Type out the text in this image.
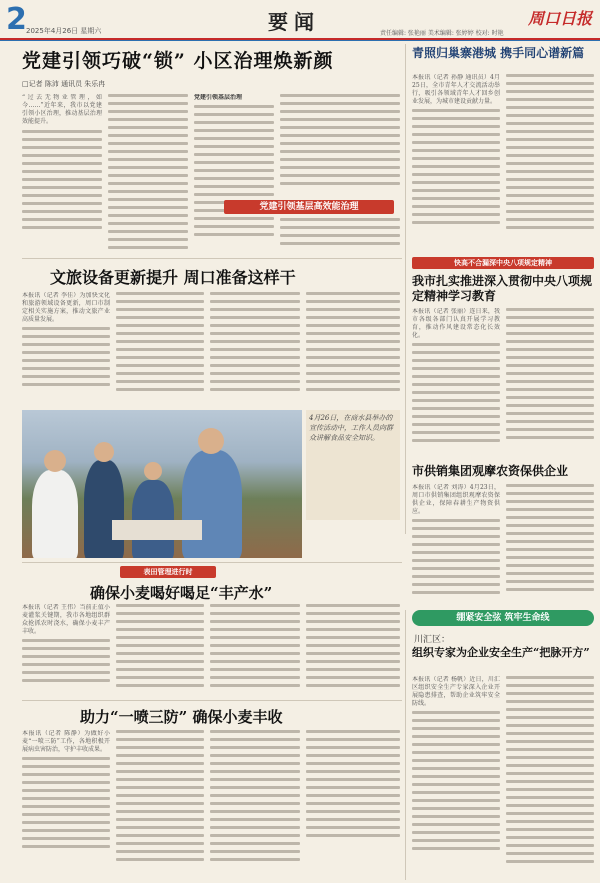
2	要闻
2025年4月26日 星期六	责任编辑: 张艳丽 美术编辑: 张婷婷 校对: 时艳
周口日报
党建引领巧破“锁” 小区治理焕新颜
□记者 陈沛 通讯员 朱乐冉
“过去无物业管理，如今……”近年来，我市以党建引领小区治理，推动基层治理效能提升。
党建引领基层治理
党建引领基层高效能治理
青照归巢寨港城 携手同心谱新篇
本报讯（记者 孙静 通讯员）4月25日，全市青年人才交流活动举行，吸引各领域青年人才回乡创业发展，为城市建设贡献力量。
快高不合漏深中央八项规定精神
我市扎实推进深入贯彻中央八项规定精神学习教育
本报讯（记者 张丽）连日来，我市各级各部门认真开展学习教育，推动作风建设常态化长效化。
文旅设备更新提升 周口准备这样干
本报讯（记者 李佳）为加快文化和旅游领域设备更新，周口市制定相关实施方案，推动文旅产业高质量发展。
4月26日，在商水县举办的宣传活动中，工作人员向群众讲解食品安全知识。
市供销集团观摩农资保供企业
本报讯（记者 刘涛）4月23日，周口市供销集团组织观摩农资保供企业，保障春耕生产物资供应。
表田管理进行时
确保小麦喝好喝足“丰产水”
本报讯（记者 王伟）当前正值小麦灌浆关键期，我市各地组织群众抢抓农时浇水，确保小麦丰产丰收。
助力“一喷三防” 确保小麦丰收
本报讯（记者 陈静）为做好小麦“一喷三防”工作，各地积极开展病虫害防治，守护丰收成果。
绷紧安全弦 筑牢生命线
川汇区：
组织专家为企业安全生产“把脉开方”
本报讯（记者 杨帆）近日，川汇区组织安全生产专家深入企业开展隐患排查，帮助企业筑牢安全防线。
